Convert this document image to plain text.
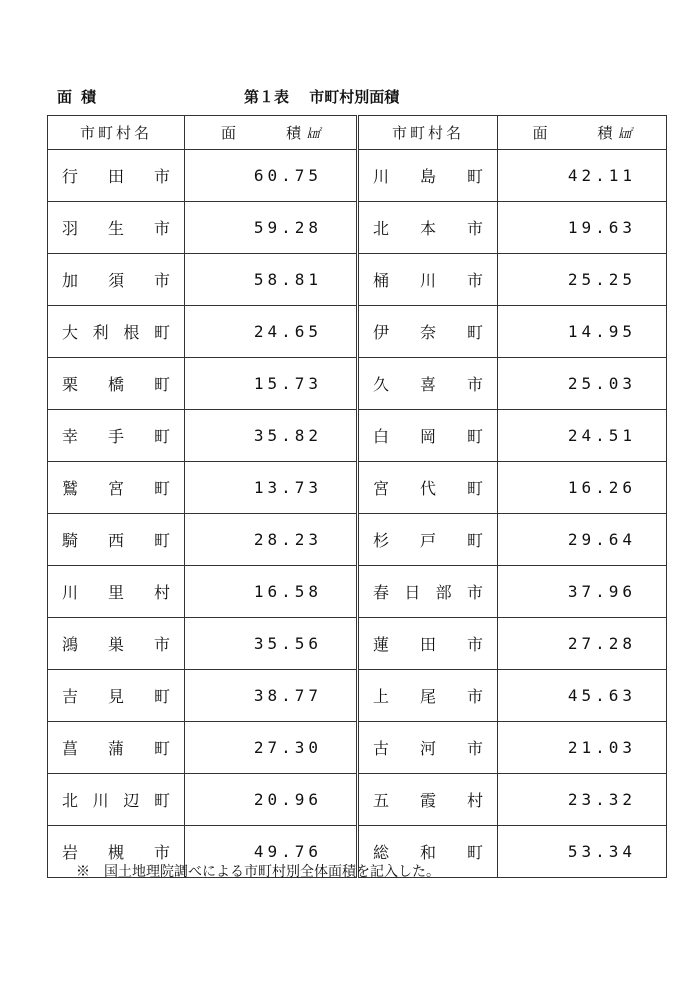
面積	第１表　 市町村別面積
市町村名	面　積 ㎢	市町村名	面　積 ㎢

行田市	60.75	川島町	42.11

羽生市	59.28	北本市	19.63

加須市	58.81	桶川市	25.25

大利根町	24.65	伊奈町	14.95

栗橋町	15.73	久喜市	25.03

幸手町	35.82	白岡町	24.51

鷲宮町	13.73	宮代町	16.26

騎西町	28.23	杉戸町	29.64

川里村	16.58	春日部市	37.96

鴻巣市	35.56	蓮田市	27.28

吉見町	38.77	上尾市	45.63

菖蒲町	27.30	古河市	21.03

北川辺町	20.96	五霞村	23.32

岩槻市	49.76	総和町	53.34
※　国土地理院調べによる市町村別全体面積を記入した。
